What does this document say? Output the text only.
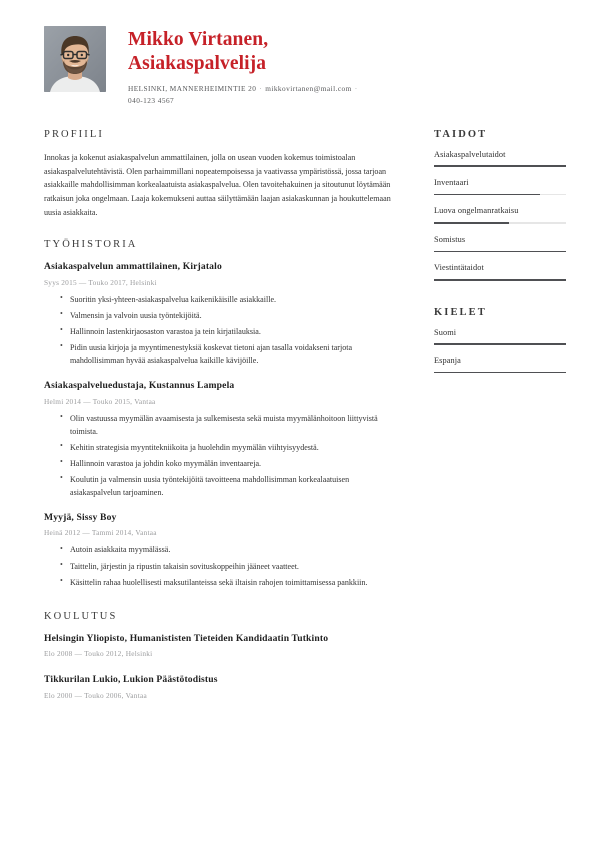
Mikko Virtanen,
Asiakaspalvelija
HELSINKI, MANNERHEIMINTIE 20 · mikkovirtanen@mail.com ·
040-123 4567
PROFIILI

Innokas ja kokenut asiakaspalvelun ammattilainen, jolla on usean vuoden kokemus toimistoalan asiakaspalvelutehtävistä. Olen parhaimmillani nopeatempoisessa ja vaativassa ympäristössä, jossa tarjoan asiakkaille mahdollisimman korkealaatuista asiakaspalvelua. Olen tavoitehakuinen ja sitoutunut löytämään ratkaisun joka ongelmaan. Laaja kokemukseni auttaa säilyttämään laajan asiakaskunnan ja houkuttelemaan uusia asiakkaita.

TYÖHISTORIA
Asiakaspalvelun ammattilainen, Kirjatalo
Syys 2015 — Touko 2017, Helsinki
• Suoritin yksi-yhteen-asiakaspalvelua kaikenikäisille asiakkaille.
• Valmensin ja valvoin uusia työntekijöitä.
• Hallinnoin lastenkirjaosaston varastoa ja tein kirjatilauksia.
• Pidin uusia kirjoja ja myyntimenestyksiä koskevat tietoni ajan tasalla voidakseni tarjota mahdollisimman hyvää asiakaspalvelua kaikille kävijöille.
Asiakaspalveluedustaja, Kustannus Lampela
Helmi 2014 — Touko 2015, Vantaa
• Olin vastuussa myymälän avaamisesta ja sulkemisesta sekä muista myymälänhoitoon liittyvistä toimista.
• Kehitin strategisia myyntitekniikoita ja huolehdin myymälän viihtyisyydestä.
• Hallinnoin varastoa ja johdin koko myymälän inventaareja.
• Koulutin ja valmensin uusia työntekijöitä tavoitteena mahdollisimman korkealaatuisen asiakaspalvelun tarjoaminen.
Myyjä, Sissy Boy
Heinä 2012 — Tammi 2014, Vantaa
• Autoin asiakkaita myymälässä.
• Taittelin, järjestin ja ripustin takaisin sovituskoppeihin jääneet vaatteet.
• Käsittelin rahaa huolellisesti maksutilanteissa sekä iltaisin rahojen toimittamisessa pankkiin.
KOULUTUS
Helsingin Yliopisto, Humanististen Tieteiden Kandidaatin Tutkinto
Elo 2008 — Touko 2012, Helsinki
Tikkurilan Lukio, Lukion Päästötodistus
Elo 2000 — Touko 2006, Vantaa
TAIDOT
Asiakaspalvelutaidot
Inventaari
Luova ongelmanratkaisu
Somistus
Viestintätaidot
KIELET
Suomi
Espanja
